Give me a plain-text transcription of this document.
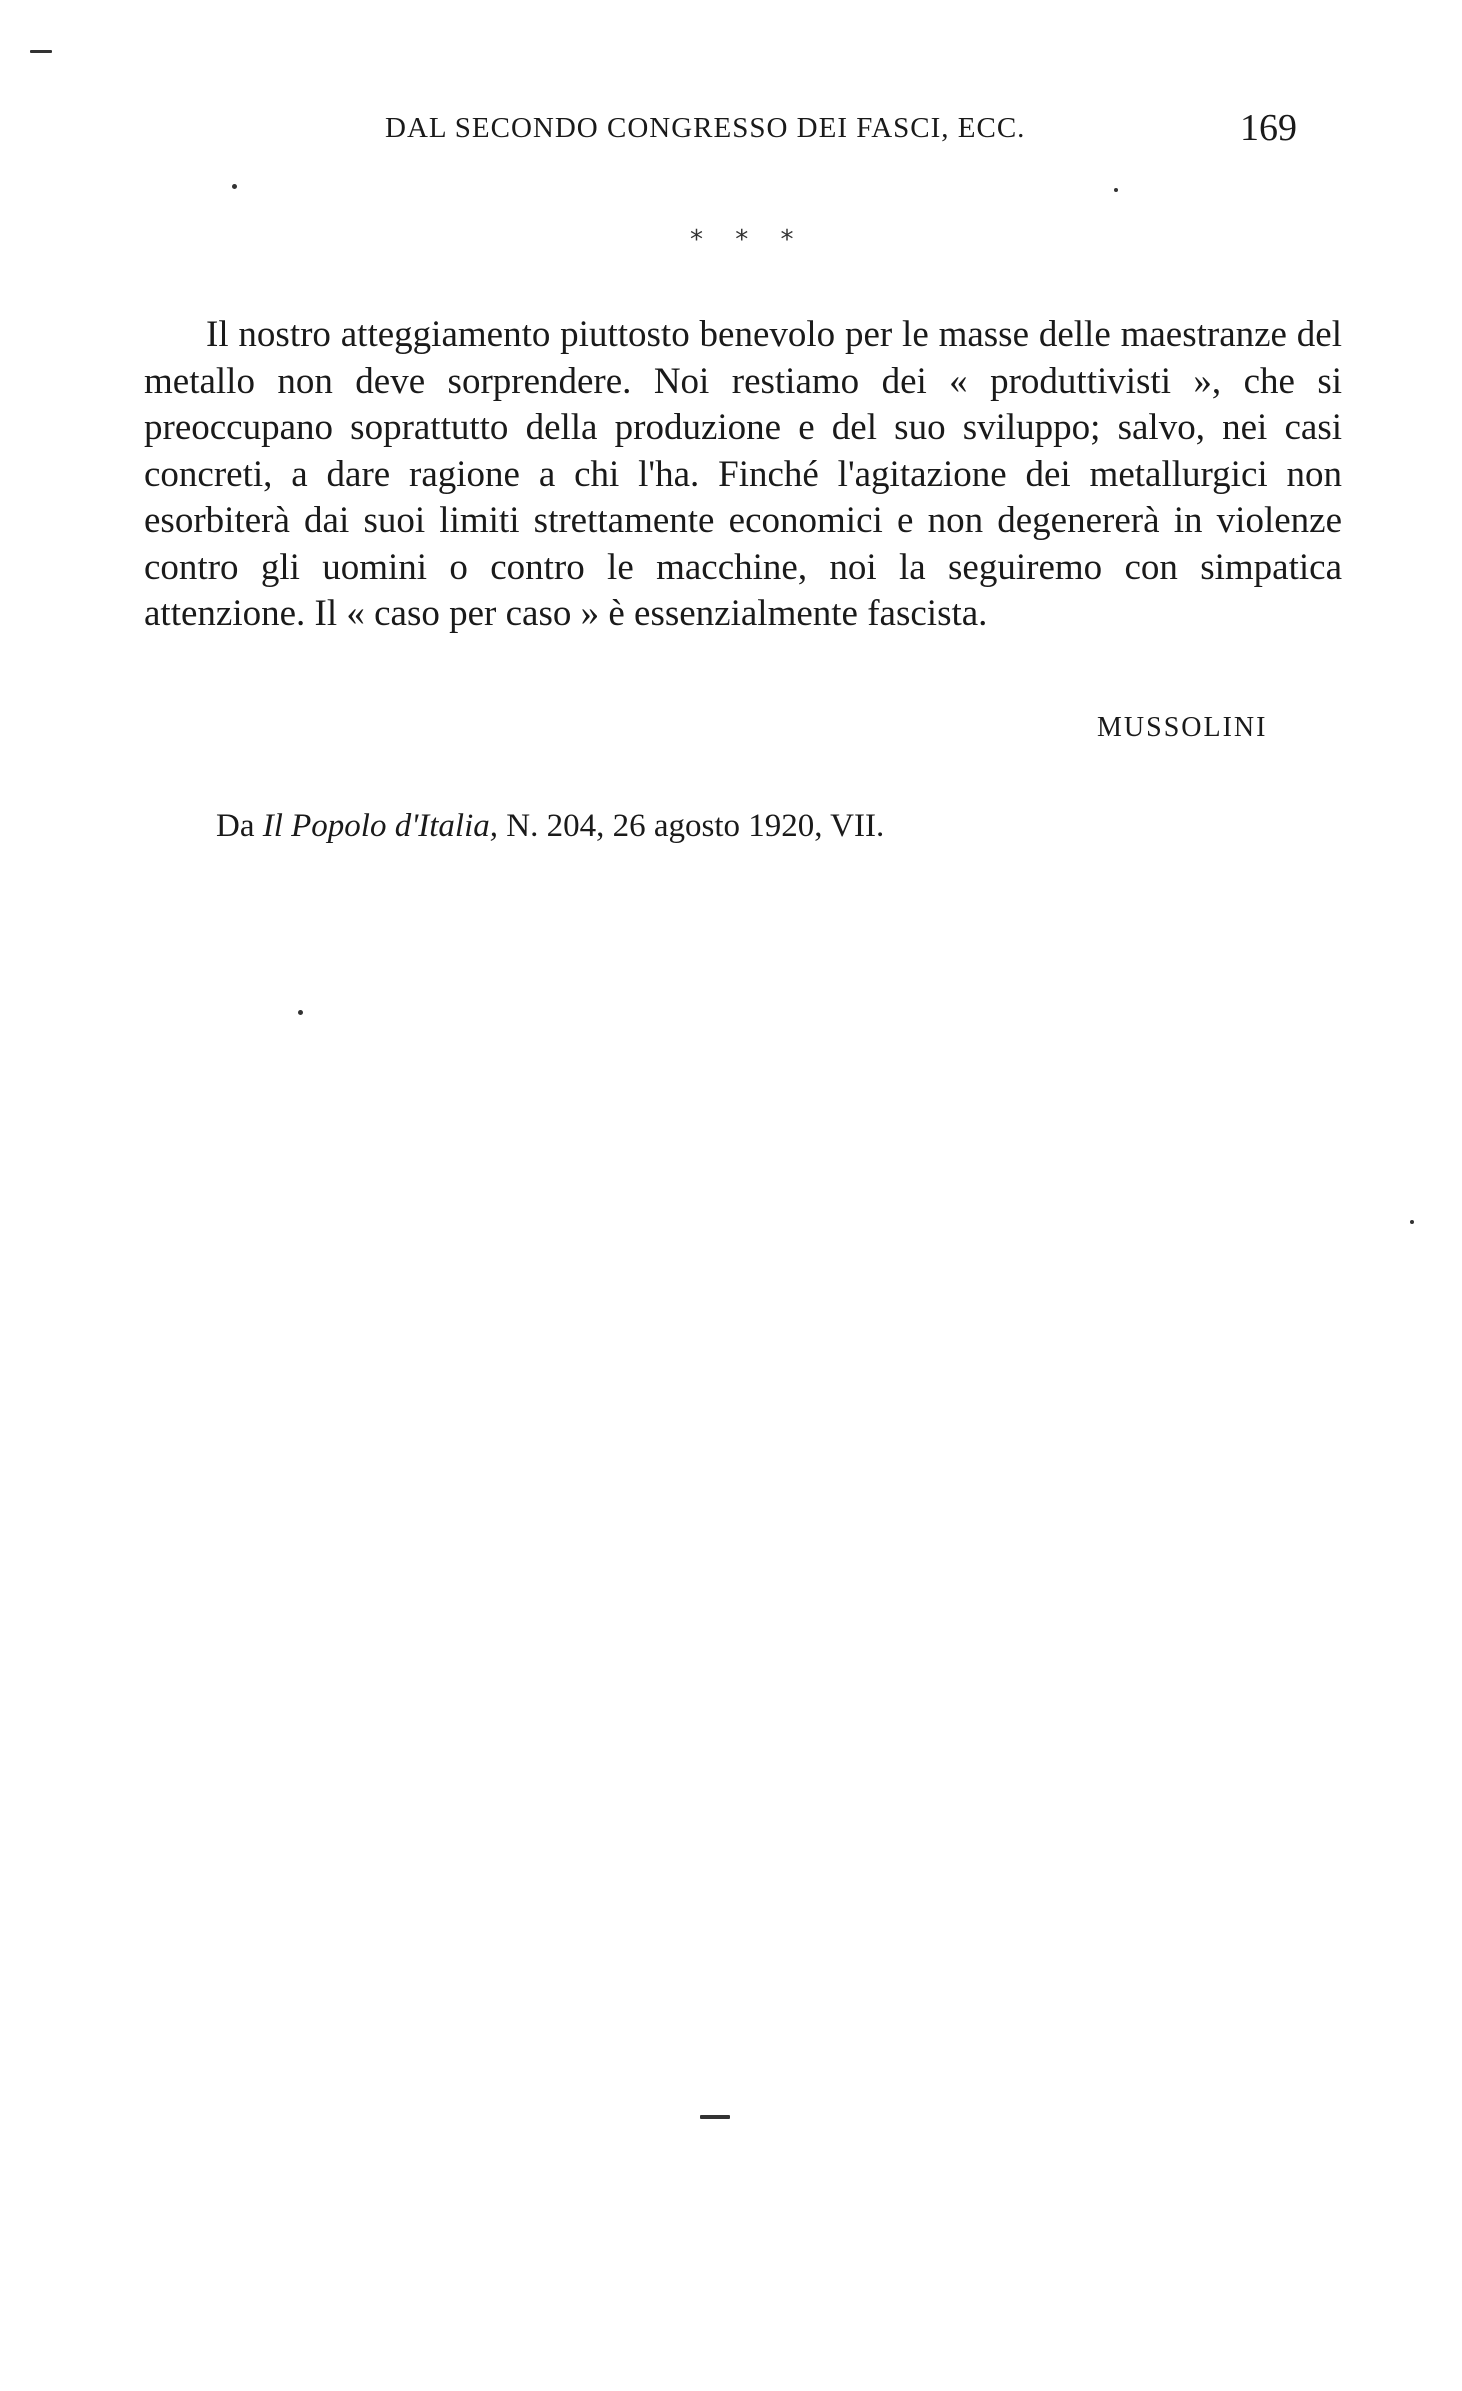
DAL SECONDO CONGRESSO DEI FASCI, ECC.	169
* * *

Il nostro atteggiamento piuttosto benevolo per le masse delle maestranze del metallo non deve sorprendere. Noi restiamo dei « produttivisti », che si preoccupano soprattutto della produzione e del suo sviluppo; salvo, nei casi concreti, a dare ragione a chi l'ha. Finché l'agitazione dei metallurgici non esorbiterà dai suoi limiti strettamente economici e non degenererà in violenze contro gli uomini o contro le macchine, noi la seguiremo con simpatica attenzione. Il « caso per caso » è essenzialmente fascista.

MUSSOLINI
Da Il Popolo d'Italia, N. 204, 26 agosto 1920, VII.
